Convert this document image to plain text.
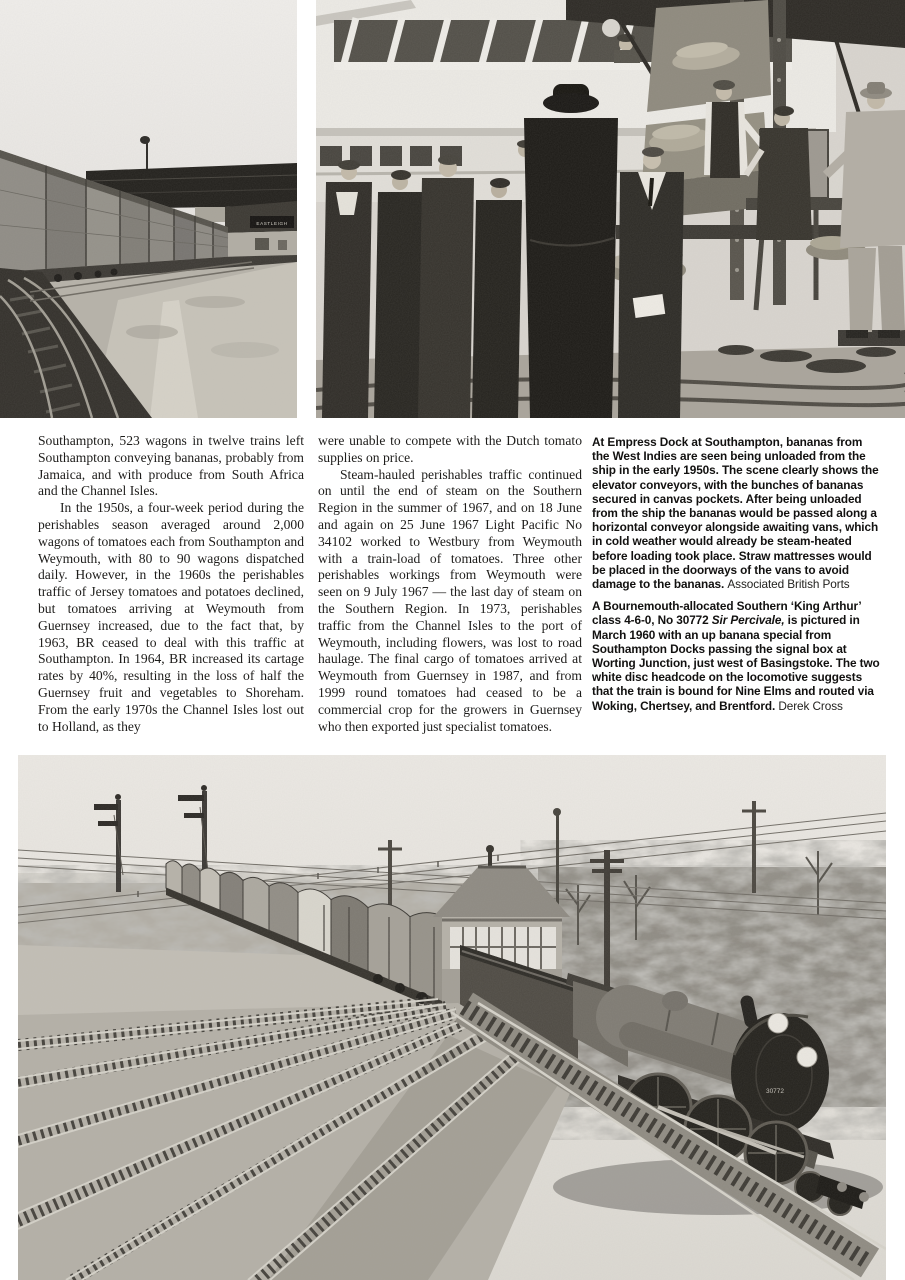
Southampton, 523 wagons in twelve trains left Southampton conveying bananas, probably from Jamaica, and with produce from South Africa and the Channel Isles.

In the 1950s, a four-week period during the perishables season averaged around 2,000 wagons of tomatoes each from Southampton and Weymouth, with 80 to 90 wagons dispatched daily. However, in the 1960s the perishables traffic of Jersey tomatoes and potatoes declined, but tomatoes arriving at Weymouth from Guernsey increased, due to the fact that, by 1963, BR ceased to deal with this traffic at Southampton. In 1964, BR increased its cartage rates by 40%, resulting in the loss of half the Guernsey fruit and vegetables to Shoreham. From the early 1970s the Channel Isles lost out to Holland, as they

were unable to compete with the Dutch tomato supplies on price.

Steam-hauled perishables traffic continued on until the end of steam on the Southern Region in the summer of 1967, and on 18 June and again on 25 June 1967 Light Pacific No 34102 worked to Westbury from Weymouth with a train-load of tomatoes. Three other perishables workings from Weymouth were seen on 9 July 1967 — the last day of steam on the Southern Region. In 1973, perishables traffic from the Channel Isles to the port of Weymouth, including flowers, was lost to road haulage. The final cargo of tomatoes arrived at Weymouth from Guernsey in 1987, and from 1999 round tomatoes had ceased to be a commercial crop for the growers in Guernsey who then exported just specialist tomatoes.

At Empress Dock at Southampton, bananas from the West Indies are seen being unloaded from the ship in the early 1950s. The scene clearly shows the elevator conveyors, with the bunches of bananas secured in canvas pockets. After being unloaded from the ship the bananas would be passed along a horizontal conveyor alongside awaiting vans, which in cold weather would already be steam-heated before loading took place. Straw mattresses would be placed in the doorways of the vans to avoid damage to the bananas. Associated British Ports

A Bournemouth-allocated Southern ‘King Arthur’ class 4-6-0, No 30772 Sir Percivale, is pictured in March 1960 with an up banana special from Southampton Docks passing the signal box at Worting Junction, just west of Basingstoke. The two white disc headcode on the locomotive suggests that the train is bound for Nine Elms and routed via Woking, Chertsey, and Brentford. Derek Cross
